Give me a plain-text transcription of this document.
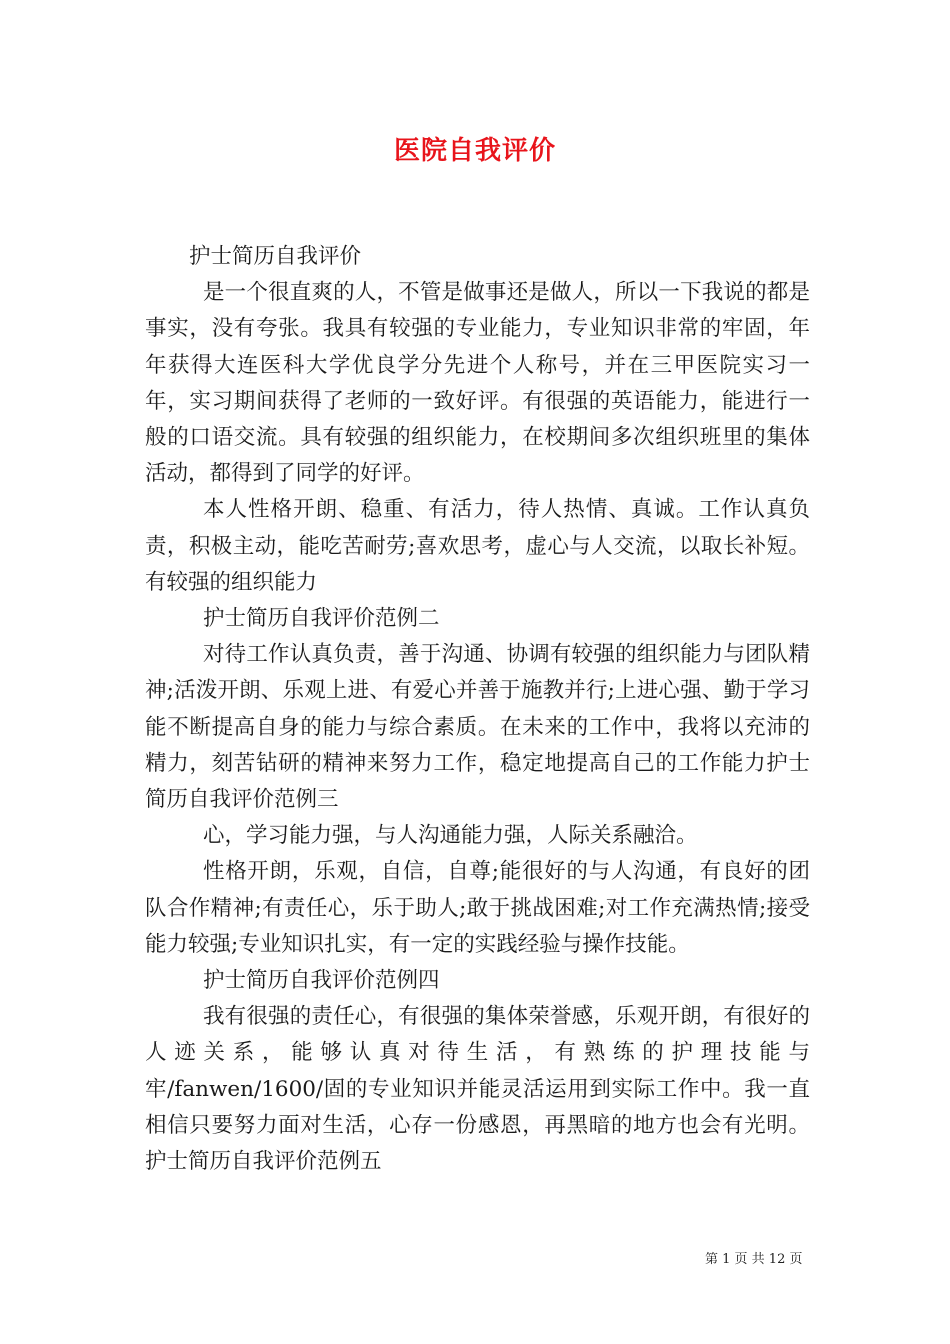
医院自我评价

护士简历自我评价

是一个很直爽的人，不管是做事还是做人，所以一下我说的都是事实，没有夸张。我具有较强的专业能力，专业知识非常的牢固，年年获得大连医科大学优良学分先进个人称号，并在三甲医院实习一年，实习期间获得了老师的一致好评。有很强的英语能力，能进行一般的口语交流。具有较强的组织能力，在校期间多次组织班里的集体活动，都得到了同学的好评。

本人性格开朗、稳重、有活力，待人热情、真诚。工作认真负责，积极主动，能吃苦耐劳;喜欢思考，虚心与人交流，以取长补短。有较强的组织能力

护士简历自我评价范例二

对待工作认真负责，善于沟通、协调有较强的组织能力与团队精神;活泼开朗、乐观上进、有爱心并善于施教并行;上进心强、勤于学习能不断提高自身的能力与综合素质。在未来的工作中，我将以充沛的精力，刻苦钻研的精神来努力工作，稳定地提高自己的工作能力护士简历自我评价范例三

心，学习能力强，与人沟通能力强，人际关系融洽。

性格开朗，乐观，自信，自尊;能很好的与人沟通，有良好的团队合作精神;有责任心，乐于助人;敢于挑战困难;对工作充满热情;接受能力较强;专业知识扎实，有一定的实践经验与操作技能。

护士简历自我评价范例四

我有很强的责任心，有很强的集体荣誉感，乐观开朗，有很好的人迹关系，能够认真对待生活，有熟练的护理技能与牢/fanwen/1600/固的专业知识并能灵活运用到实际工作中。我一直相信只要努力面对生活，心存一份感恩，再黑暗的地方也会有光明。护士简历自我评价范例五

第 1 页 共 12 页
